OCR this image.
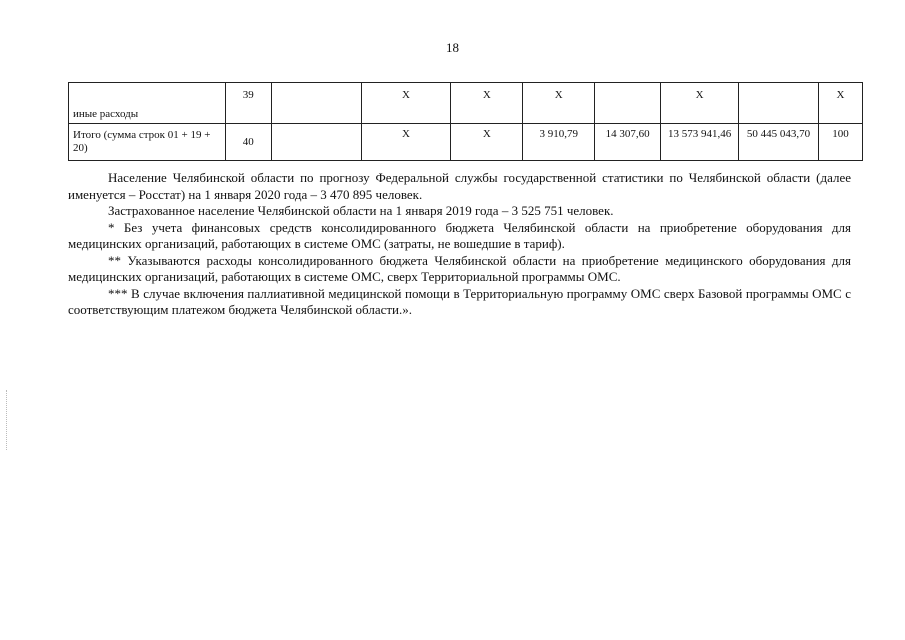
18
иные расходы	39		X	X	X		X		X
Итого (сумма строк 01 + 19 + 20)	40		X	X	3 910,79	14 307,60	13 573 941,46	50 445 043,70	100

Население Челябинской области по прогнозу Федеральной службы государственной статистики по Челябинской области (далее именуется – Росстат) на 1 января 2020 года – 3 470 895 человек.

Застрахованное население Челябинской области на 1 января 2019 года – 3 525 751 человек.

* Без учета финансовых средств консолидированного бюджета Челябинской области на приобретение оборудования для медицинских организаций, работающих в системе ОМС (затраты, не вошедшие в тариф).

** Указываются расходы консолидированного бюджета Челябинской области на приобретение медицинского оборудования для медицинских организаций, работающих в системе ОМС, сверх Территориальной программы ОМС.

*** В случае включения паллиативной медицинской помощи в Территориальную программу ОМС сверх Базовой программы ОМС с соответствующим платежом бюджета Челябинской области.».
